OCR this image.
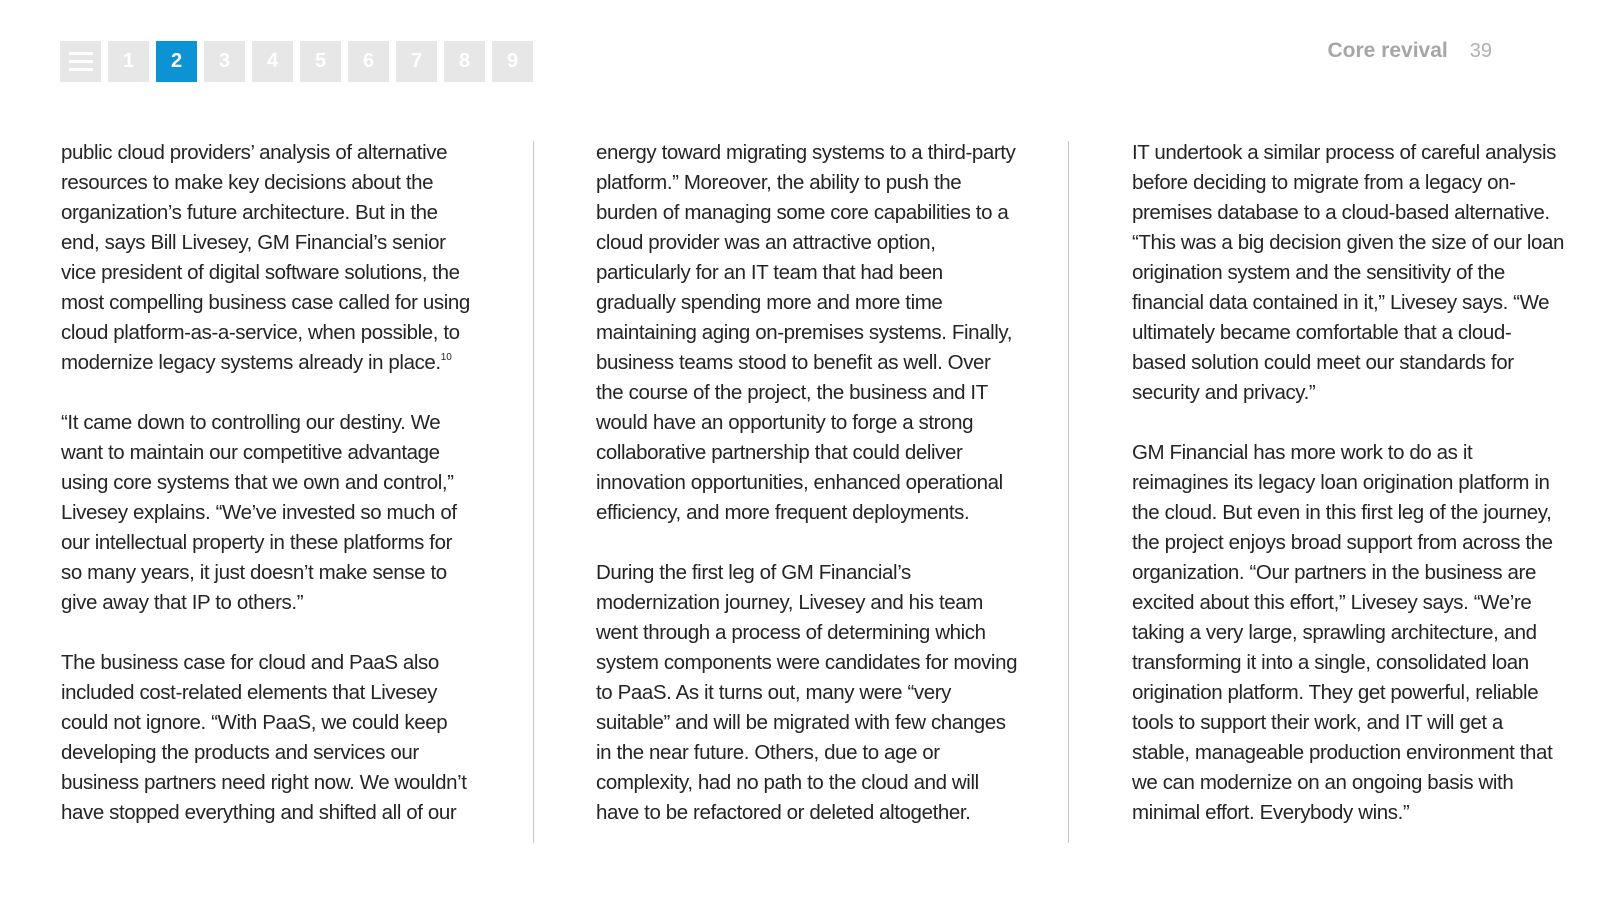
1	2	3	4	5	6	7	8	9	Core revival 39

public cloud providers’ analysis of alternative resources to make key decisions about the organization’s future architecture. But in the end, says Bill Livesey, GM Financial’s senior vice president of digital software solutions, the most compelling business case called for using cloud platform-as-a-service, when possible, to modernize legacy systems already in place.$^{10}$

“It came down to controlling our destiny. We want to maintain our competitive advantage using core systems that we own and control,” Livesey explains. “We’ve invested so much of our intellectual property in these platforms for so many years, it just doesn’t make sense to give away that IP to others.”

The business case for cloud and PaaS also included cost-related elements that Livesey could not ignore. “With PaaS, we could keep developing the products and services our business partners need right now. We wouldn’t have stopped everything and shifted all of our

energy toward migrating systems to a third-party platform.” Moreover, the ability to push the burden of managing some core capabilities to a cloud provider was an attractive option, particularly for an IT team that had been gradually spending more and more time maintaining aging on-premises systems. Finally, business teams stood to benefit as well. Over the course of the project, the business and IT would have an opportunity to forge a strong collaborative partnership that could deliver innovation opportunities, enhanced operational efficiency, and more frequent deployments.

During the first leg of GM Financial’s modernization journey, Livesey and his team went through a process of determining which system components were candidates for moving to PaaS. As it turns out, many were “very suitable” and will be migrated with few changes in the near future. Others, due to age or complexity, had no path to the cloud and will have to be refactored or deleted altogether.

IT undertook a similar process of careful analysis before deciding to migrate from a legacy on-premises database to a cloud-based alternative. “This was a big decision given the size of our loan origination system and the sensitivity of the financial data contained in it,” Livesey says. “We ultimately became comfortable that a cloud-based solution could meet our standards for security and privacy.”

GM Financial has more work to do as it reimagines its legacy loan origination platform in the cloud. But even in this first leg of the journey, the project enjoys broad support from across the organization. “Our partners in the business are excited about this effort,” Livesey says. “We’re taking a very large, sprawling architecture, and transforming it into a single, consolidated loan origination platform. They get powerful, reliable tools to support their work, and IT will get a stable, manageable production environment that we can modernize on an ongoing basis with minimal effort. Everybody wins.”
